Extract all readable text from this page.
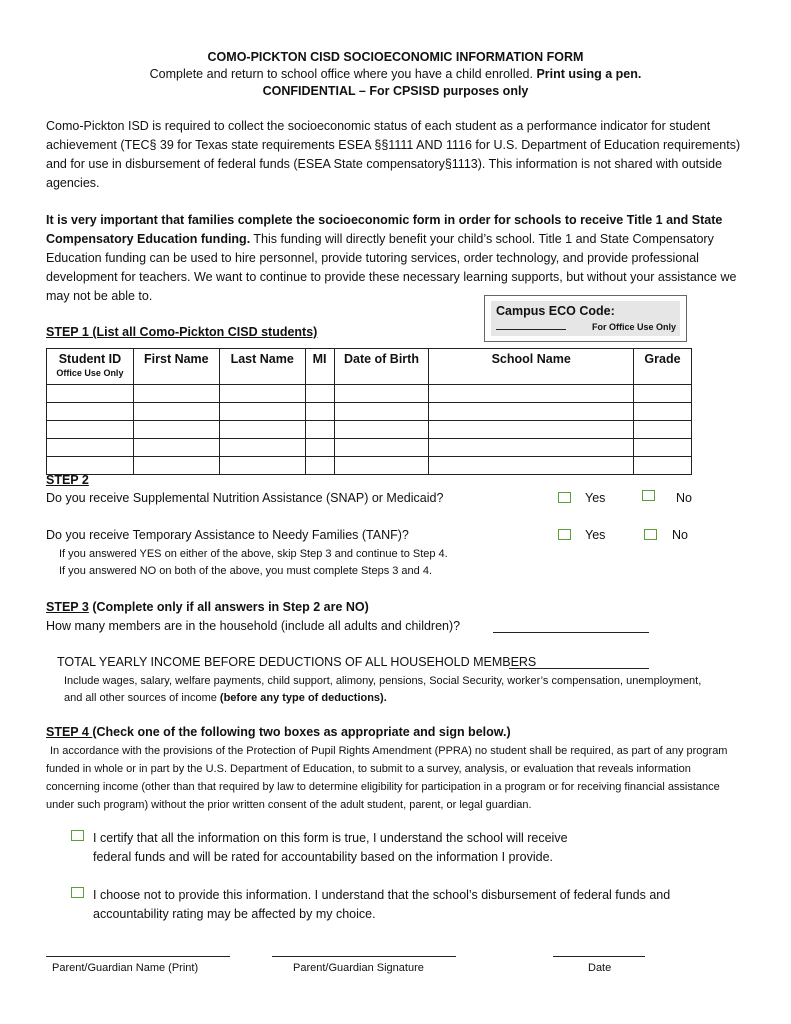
COMO-PICKTON CISD SOCIOECONOMIC INFORMATION FORM
Complete and return to school office where you have a child enrolled. Print using a pen.
CONFIDENTIAL – For CPSISD purposes only

Como-Pickton ISD is required to collect the socioeconomic status of each student as a performance indicator for student achievement (TEC§ 39 for Texas state requirements ESEA §§1111 AND 1116 for U.S. Department of Education requirements) and for use in disbursement of federal funds (ESEA State compensatory§1113). This information is not shared with outside agencies.

It is very important that families complete the socioeconomic form in order for schools to receive Title 1 and State Compensatory Education funding. This funding will directly benefit your child’s school. Title 1 and State Compensatory Education funding can be used to hire personnel, provide tutoring services, order technology, and provide professional development for teachers. We want to continue to provide these necessary learning supports, but without your assistance we may not be able to.

Campus ECO Code:
For Office Use Only
STEP 1 (List all Como-Pickton CISD students)
Student ID
Office Use Only	First Name	Last Name	MI	Date of Birth	School Name	Grade

STEP 2
Do you receive Supplemental Nutrition Assistance (SNAP) or Medicaid?	Yes	No
Do you receive Temporary Assistance to Needy Families (TANF)?	Yes	No
If you answered YES on either of the above, skip Step 3 and continue to Step 4.
If you answered NO on both of the above, you must complete Steps 3 and 4.
STEP 3 (Complete only if all answers in Step 2 are NO)
How many members are in the household (include all adults and children)?
TOTAL YEARLY INCOME BEFORE DEDUCTIONS OF ALL HOUSEHOLD MEMBERS

Include wages, salary, welfare payments, child support, alimony, pensions, Social Security, worker’s compensation, unemployment, and all other sources of income (before any type of deductions).

STEP 4 (Check one of the following two boxes as appropriate and sign below.)

In accordance with the provisions of the Protection of Pupil Rights Amendment (PPRA) no student shall be required, as part of any program funded in whole or in part by the U.S. Department of Education, to submit to a survey, analysis, or evaluation that reveals information concerning income (other than that required by law to determine eligibility for participation in a program or for receiving financial assistance under such program) without the prior written consent of the adult student, parent, or legal guardian.

I certify that all the information on this form is true, I understand the school will receive federal funds and will be rated for accountability based on the information I provide.

I choose not to provide this information. I understand that the school’s disbursement of federal funds and accountability rating may be affected by my choice.

Parent/Guardian Name (Print)	Parent/Guardian Signature	Date
